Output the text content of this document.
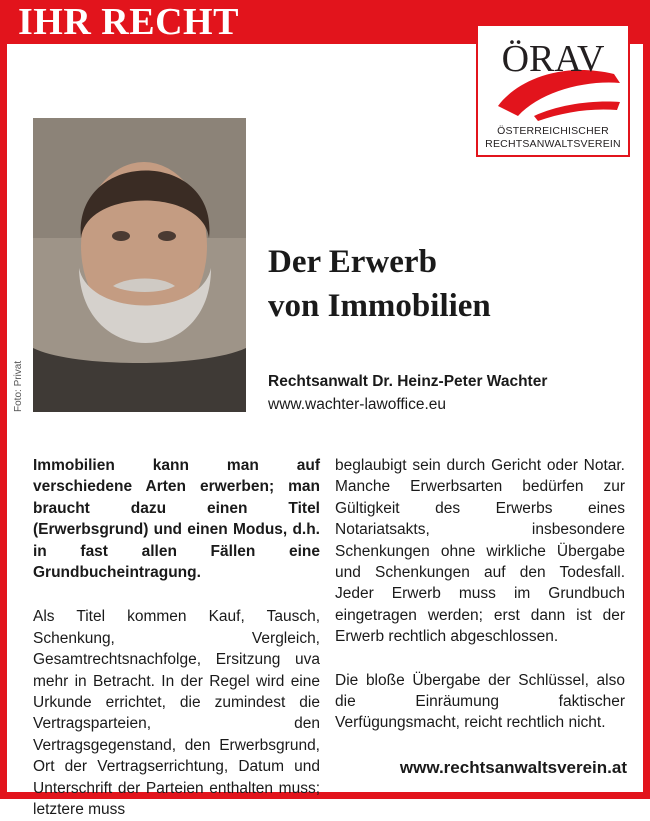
IHR RECHT
ÖRAV
ÖSTERREICHISCHER
RECHTSANWALTSVEREIN
Foto: Privat
Der Erwerb
von Immobilien
Rechtsanwalt Dr. Heinz-Peter Wachter
www.wachter-lawoffice.eu

Immobilien kann man auf verschiedene Arten erwerben; man braucht dazu einen Titel (Erwerbsgrund) und einen Modus, d.h. in fast allen Fällen eine Grundbucheintragung.

Als Titel kommen Kauf, Tausch, Schenkung, Vergleich, Gesamtrechtsnachfolge, Ersitzung uva mehr in Betracht. In der Regel wird eine Urkunde errichtet, die zumindest die Vertragsparteien, den Vertragsgegenstand, den Erwerbsgrund, Ort der Vertragserrichtung, Datum und Unterschrift der Parteien enthalten muss; letztere muss

beglaubigt sein durch Gericht oder Notar. Manche Erwerbsarten bedürfen zur Gültigkeit des Erwerbs eines Notariatsakts, insbesondere Schenkungen ohne wirkliche Übergabe und Schenkungen auf den Todesfall. Jeder Erwerb muss im Grundbuch eingetragen werden; erst dann ist der Erwerb rechtlich abgeschlossen.

Die bloße Übergabe der Schlüssel, also die Einräumung faktischer Verfügungsmacht, reicht rechtlich nicht.

www.rechtsanwaltsverein.at
